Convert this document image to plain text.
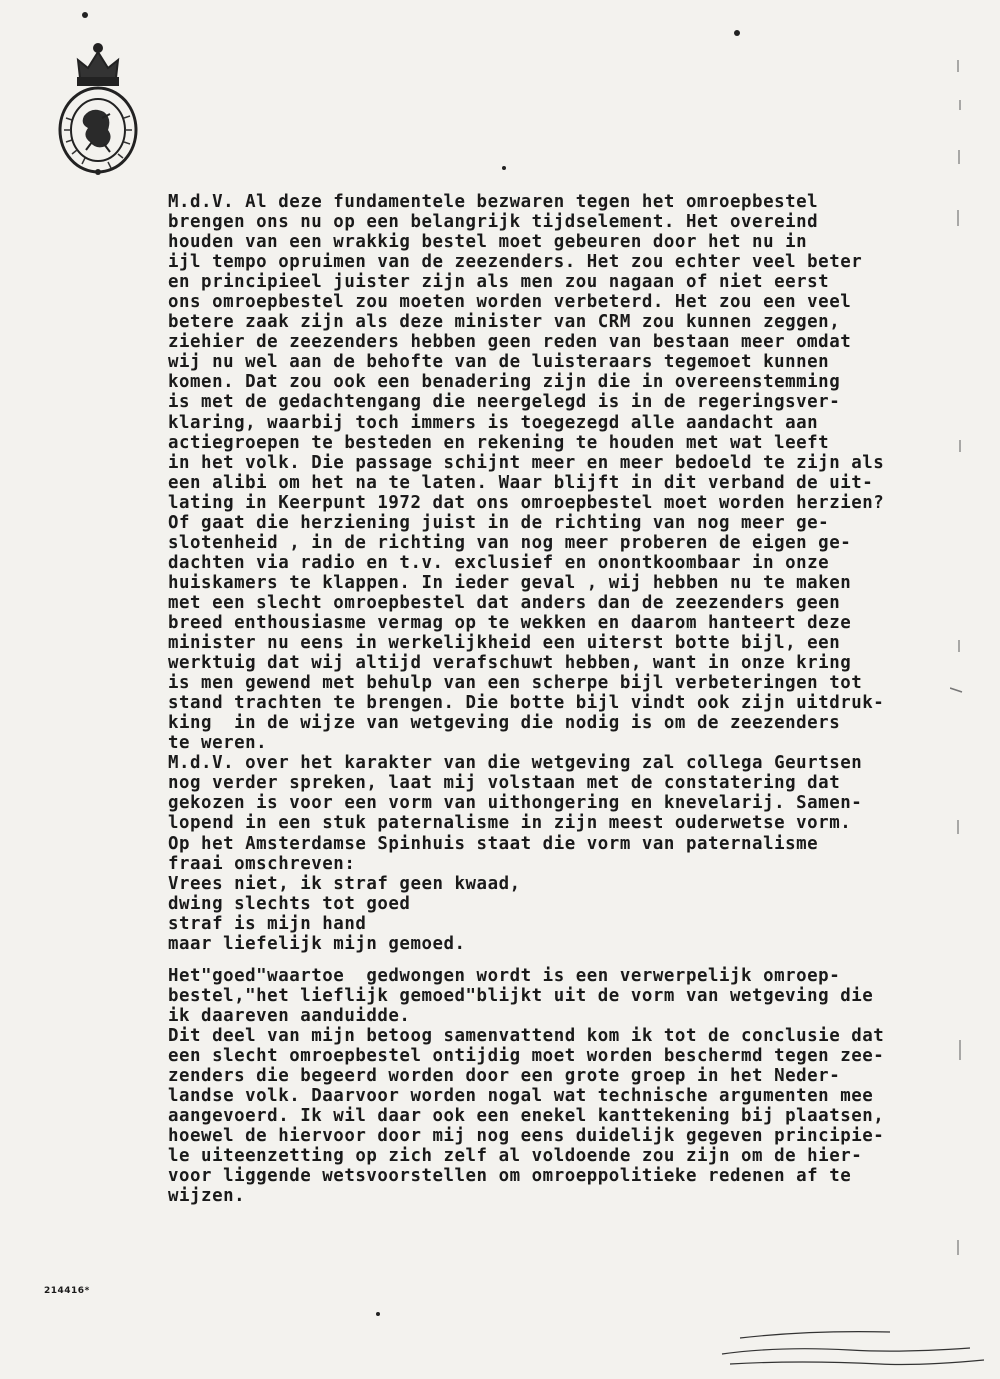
M.d.V. Al deze fundamentele bezwaren tegen het omroepbestel
brengen ons nu op een belangrijk tijdselement. Het overeind
houden van een wrakkig bestel moet gebeuren door het nu in
ijl tempo opruimen van de zeezenders. Het zou echter veel beter
en principieel juister zijn als men zou nagaan of niet eerst
ons omroepbestel zou moeten worden verbeterd. Het zou een veel
betere zaak zijn als deze minister van CRM zou kunnen zeggen,
ziehier de zeezenders hebben geen reden van bestaan meer omdat
wij nu wel aan de behofte van de luisteraars tegemoet kunnen
komen. Dat zou ook een benadering zijn die in overeenstemming
is met de gedachtengang die neergelegd is in de regeringsver-
klaring, waarbij toch immers is toegezegd alle aandacht aan
actiegroepen te besteden en rekening te houden met wat leeft
in het volk. Die passage schijnt meer en meer bedoeld te zijn als
een alibi om het na te laten. Waar blijft in dit verband de uit-
lating in Keerpunt 1972 dat ons omroepbestel moet worden herzien?
Of gaat die herziening juist in de richting van nog meer ge-
slotenheid , in de richting van nog meer proberen de eigen ge-
dachten via radio en t.v. exclusief en onontkoombaar in onze
huiskamers te klappen. In ieder geval , wij hebben nu te maken
met een slecht omroepbestel dat anders dan de zeezenders geen
breed enthousiasme vermag op te wekken en daarom hanteert deze
minister nu eens in werkelijkheid een uiterst botte bijl, een
werktuig dat wij altijd verafschuwt hebben, want in onze kring
is men gewend met behulp van een scherpe bijl verbeteringen tot
stand trachten te brengen. Die botte bijl vindt ook zijn uitdruk-
king  in de wijze van wetgeving die nodig is om de zeezenders
te weren.
M.d.V. over het karakter van die wetgeving zal collega Geurtsen
nog verder spreken, laat mij volstaan met de constatering dat
gekozen is voor een vorm van uithongering en knevelarij. Samen-
lopend in een stuk paternalisme in zijn meest ouderwetse vorm.
Op het Amsterdamse Spinhuis staat die vorm van paternalisme
fraai omschreven:
Vrees niet, ik straf geen kwaad,
dwing slechts tot goed
straf is mijn hand
maar liefelijk mijn gemoed.
Het"goed"waartoe  gedwongen wordt is een verwerpelijk omroep-
bestel,"het lieflijk gemoed"blijkt uit de vorm van wetgeving die
ik daareven aanduidde.
Dit deel van mijn betoog samenvattend kom ik tot de conclusie dat
een slecht omroepbestel ontijdig moet worden beschermd tegen zee-
zenders die begeerd worden door een grote groep in het Neder-
landse volk. Daarvoor worden nogal wat technische argumenten mee
aangevoerd. Ik wil daar ook een enekel kanttekening bij plaatsen,
hoewel de hiervoor door mij nog eens duidelijk gegeven principie-
le uiteenzetting op zich zelf al voldoende zou zijn om de hier-
voor liggende wetsvoorstellen om omroeppolitieke redenen af te
wijzen.
214416*
